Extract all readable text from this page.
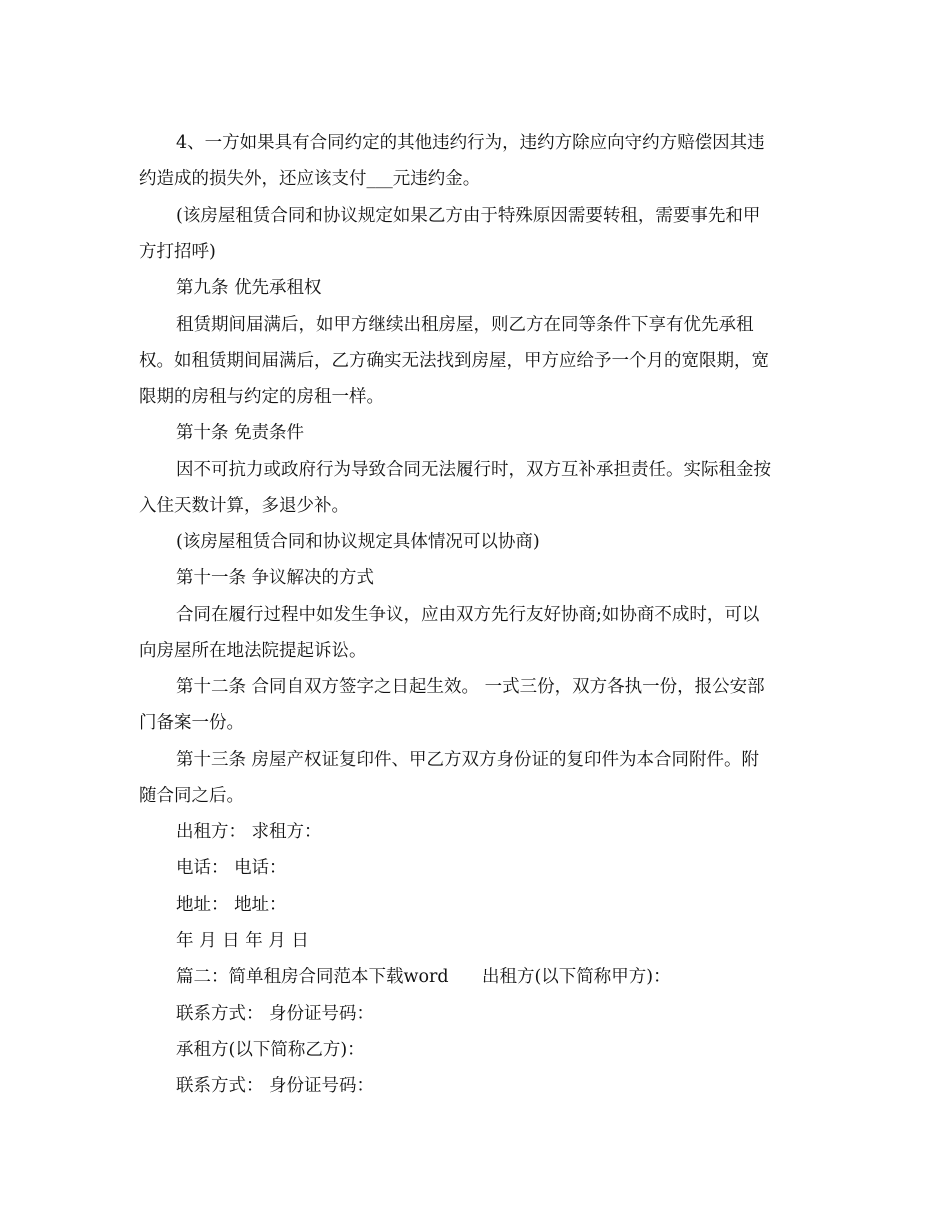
4、一方如果具有合同约定的其他违约行为，违约方除应向守约方赔偿因其违
约造成的损失外，还应该支付___元违约金。
(该房屋租赁合同和协议规定如果乙方由于特殊原因需要转租，需要事先和甲
方打招呼)
第九条 优先承租权
租赁期间届满后，如甲方继续出租房屋，则乙方在同等条件下享有优先承租
权。如租赁期间届满后，乙方确实无法找到房屋，甲方应给予一个月的宽限期，宽
限期的房租与约定的房租一样。
第十条 免责条件
因不可抗力或政府行为导致合同无法履行时，双方互补承担责任。实际租金按
入住天数计算，多退少补。
(该房屋租赁合同和协议规定具体情况可以协商)
第十一条 争议解决的方式
合同在履行过程中如发生争议，应由双方先行友好协商;如协商不成时，可以
向房屋所在地法院提起诉讼。
第十二条 合同自双方签字之日起生效。 一式三份，双方各执一份，报公安部
门备案一份。
第十三条 房屋产权证复印件、甲乙方双方身份证的复印件为本合同附件。附
随合同之后。
出租方： 求租方：
电话： 电话：
地址： 地址：
年 月 日 年 月 日
篇二：简单租房合同范本下载word      出租方(以下简称甲方)：
联系方式： 身份证号码：
承租方(以下简称乙方)：
联系方式： 身份证号码：
